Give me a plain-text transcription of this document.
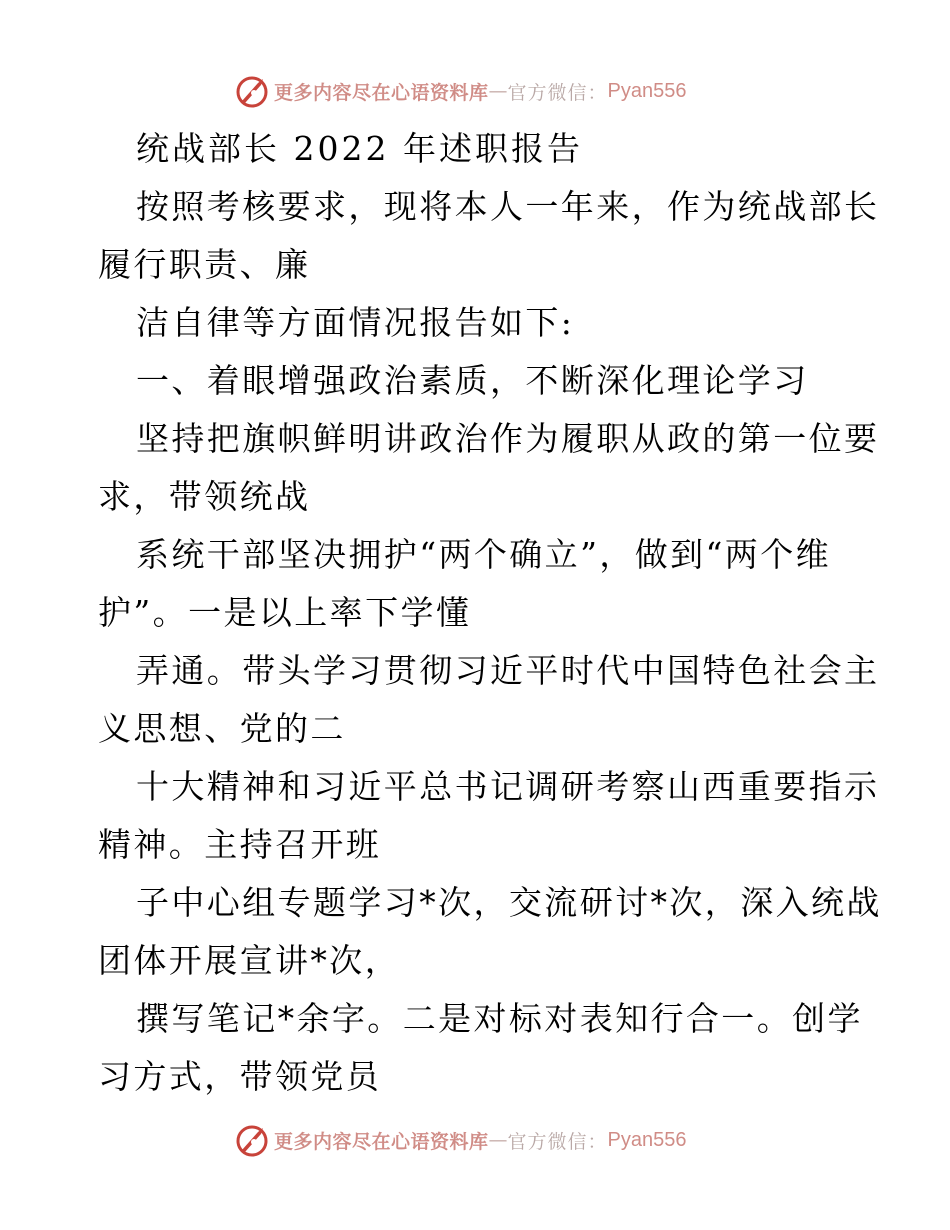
更多内容尽在心语资料库 — 官方微信： Pyan556
统战部长 2022 年述职报告
按照考核要求，现将本人一年来，作为统战部长
履行职责、廉
洁自律等方面情况报告如下:
一、着眼增强政治素质，不断深化理论学习
坚持把旗帜鲜明讲政治作为履职从政的第一位要
求，带领统战
系统干部坚决拥护“两个确立”，做到“两个维
护”。一是以上率下学懂
弄通。带头学习贯彻习近平时代中国特色社会主
义思想、党的二
十大精神和习近平总书记调研考察山西重要指示
精神。主持召开班
子中心组专题学习*次，交流研讨*次，深入统战
团体开展宣讲*次，
撰写笔记*余字。二是对标对表知行合一。创学
习方式，带领党员
更多内容尽在心语资料库 — 官方微信： Pyan556
